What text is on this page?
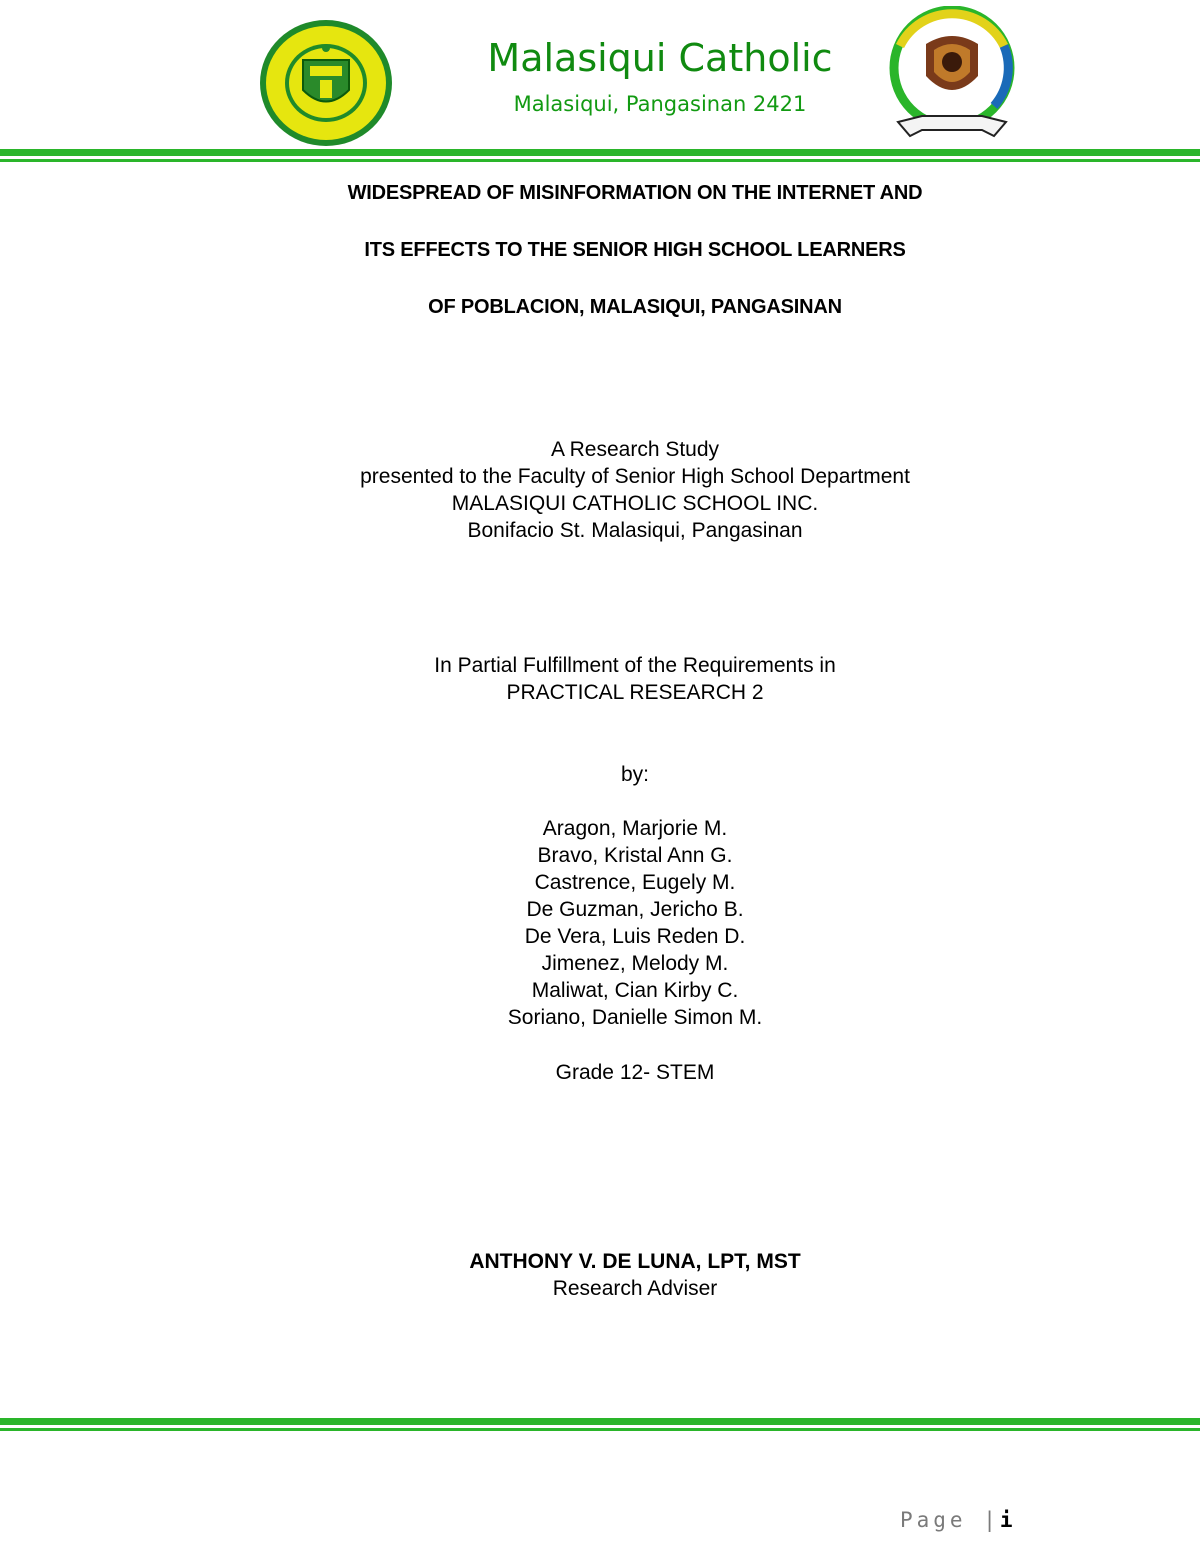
Malasiqui Catholic
Malasiqui, Pangasinan 2421
WIDESPREAD OF MISINFORMATION ON THE INTERNET AND
ITS EFFECTS TO THE SENIOR HIGH SCHOOL LEARNERS
OF POBLACION, MALASIQUI, PANGASINAN
A Research Study
presented to the Faculty of Senior High School Department
MALASIQUI CATHOLIC SCHOOL INC.
Bonifacio St. Malasiqui, Pangasinan
In Partial Fulfillment of the Requirements in
PRACTICAL RESEARCH 2
by:
Aragon, Marjorie M.
Bravo, Kristal Ann G.
Castrence, Eugely M.
De Guzman, Jericho B.
De Vera, Luis Reden D.
Jimenez, Melody M.
Maliwat, Cian Kirby C.
Soriano, Danielle Simon M.
Grade 12- STEM
ANTHONY V. DE LUNA, LPT, MST
Research Adviser
Page |i
